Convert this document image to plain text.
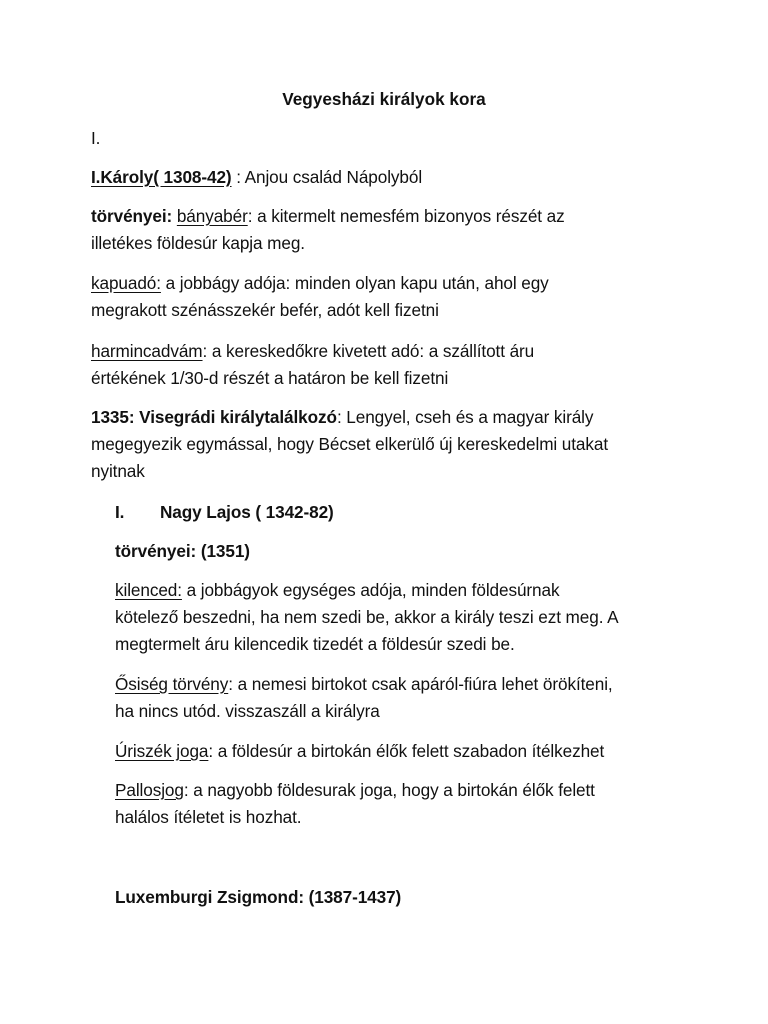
Vegyesházi királyok kora
I.
I.Károly( 1308-42) : Anjou család Nápolyból
törvényei: bányabér: a kitermelt nemesfém bizonyos részét az
illetékes földesúr kapja meg.
kapuadó: a jobbágy adója: minden olyan kapu után, ahol egy
megrakott szénásszekér befér, adót kell fizetni
harmincadvám: a kereskedőkre kivetett adó: a szállított áru
értékének 1/30-d részét a határon be kell fizetni
1335: Visegrádi királytalálkozó: Lengyel, cseh és a magyar király
megegyezik egymással, hogy Bécset elkerülő új kereskedelmi utakat
nyitnak
I. Nagy Lajos ( 1342-82)
törvényei: (1351)
kilenced: a jobbágyok egységes adója, minden földesúrnak
kötelező beszedni, ha nem szedi be, akkor a király teszi ezt meg. A
megtermelt áru kilencedik tizedét a földesúr szedi be.
Ősiség törvény: a nemesi birtokot csak apáról-fiúra lehet örökíteni,
ha nincs utód. visszaszáll a királyra
Úriszék joga: a földesúr a birtokán élők felett szabadon ítélkezhet
Pallosjog: a nagyobb földesurak joga, hogy a birtokán élők felett
halálos ítéletet is hozhat.
Luxemburgi Zsigmond: (1387-1437)
